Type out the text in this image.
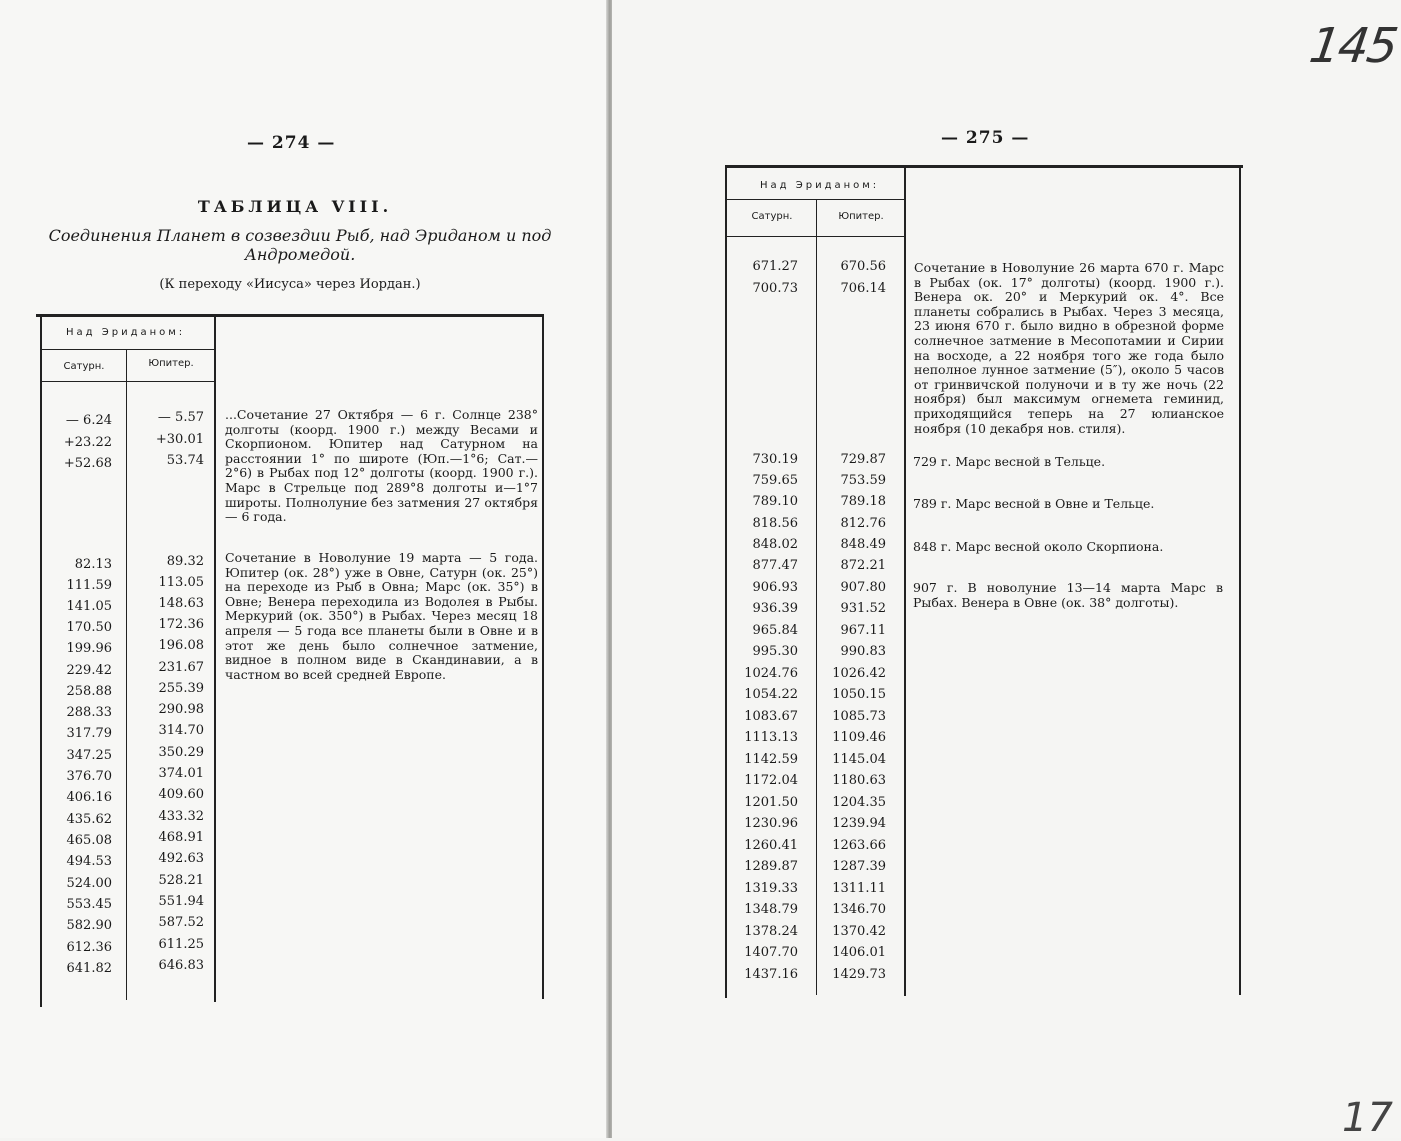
— 274 —
ТАБЛИЦА VIII.
Соединения Планет в созвездии Рыб, над Эриданом и под Андромедой.
(К переходу «Иисуса» через Иордан.)
Над Эриданом:
Сатурн.	Юпитер.
— 6.24	— 5.57
+23.22	+30.01
+52.68	53.74
82.13	89.32
111.59	113.05
141.05	148.63
170.50	172.36
199.96	196.08
229.42	231.67
258.88	255.39
288.33	290.98
317.79	314.70
347.25	350.29
376.70	374.01
406.16	409.60
435.62	433.32
465.08	468.91
494.53	492.63
524.00	528.21
553.45	551.94
582.90	587.52
612.36	611.25
641.82	646.83
...Сочетание 27 Октября — 6 г. Солнце 238° долготы (коорд. 1900 г.) между Весами и Скорпионом. Юпитер над Сатурном на расстоянии 1° по широте (Юп.—1°6; Сат.—2°6) в Рыбах под 12° долготы (коорд. 1900 г.). Марс в Стрельце под 289°8 долготы и—1°7 широты. Полнолуние без затмения 27 октября — 6 года.
Сочетание в Новолуние 19 марта — 5 года. Юпитер (ок. 28°) уже в Овне, Сатурн (ок. 25°) на переходе из Рыб в Овна; Марс (ок. 35°) в Овне; Венера переходила из Водолея в Рыбы. Меркурий (ок. 350°) в Рыбах. Через месяц 18 апреля — 5 года все планеты были в Овне и в этот же день было солнечное затмение, видное в полном виде в Скандинавии, а в частном во всей средней Европе.
145
— 275 —
17
Над Эриданом:
Сатурн.	Юпитер.
671.27	670.56
700.73	706.14
730.19	729.87
759.65	753.59
789.10	789.18
818.56	812.76
848.02	848.49
877.47	872.21
906.93	907.80
936.39	931.52
965.84	967.11
995.30	990.83
1024.76	1026.42
1054.22	1050.15
1083.67	1085.73
1113.13	1109.46
1142.59	1145.04
1172.04	1180.63
1201.50	1204.35
1230.96	1239.94
1260.41	1263.66
1289.87	1287.39
1319.33	1311.11
1348.79	1346.70
1378.24	1370.42
1407.70	1406.01
1437.16	1429.73
Сочетание в Новолуние 26 марта 670 г. Марс в Рыбах (ок. 17° долготы) (коорд. 1900 г.). Венера ок. 20° и Меркурий ок. 4°. Все планеты собрались в Рыбах. Через 3 месяца, 23 июня 670 г. было видно в обрезной форме солнечное затмение в Месопотамии и Сирии на восходе, а 22 ноября того же года было неполное лунное затмение (5″), около 5 часов от гринвичской полуночи и в ту же ночь (22 ноября) был максимум огнемета геминид, приходящийся теперь на 27 юлианское ноября (10 декабря нов. стиля).
729 г. Марс весной в Тельце.
789 г. Марс весной в Овне и Тельце.
848 г. Марс весной около Скорпиона.
907 г. В новолуние 13—14 марта Марс в Рыбах. Венера в Овне (ок. 38° долготы).
